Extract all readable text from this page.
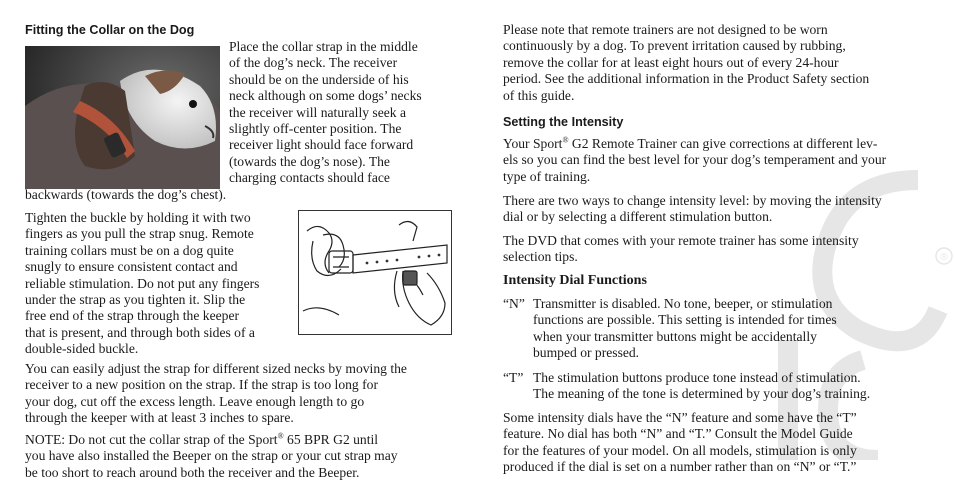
Fitting the Collar on the Dog
Place the collar strap in the middle
of the dog’s neck. The receiver
should be on the underside of his
neck although on some dogs’ necks
the receiver will naturally seek a
slightly off-center position. The
receiver light should face forward
(towards the dog’s nose). The
charging contacts should face
backwards (towards the dog’s chest).
Tighten the buckle by holding it with two
fingers as you pull the strap snug. Remote
training collars must be on a dog quite
snugly to ensure consistent contact and
reliable stimulation. Do not put any fingers
under the strap as you tighten it. Slip the
free end of the strap through the keeper
that is present, and through both sides of a
double-sided buckle.
You can easily adjust the strap for different sized necks by moving the
receiver to a new position on the strap. If the strap is too long for
your dog, cut off the excess length. Leave enough length to go
through the keeper with at least 3 inches to spare.
NOTE: Do not cut the collar strap of the Sport® 65 BPR G2 until
you have also installed the Beeper on the strap or your cut strap may
be too short to reach around both the receiver and the Beeper.
®
Please note that remote trainers are not designed to be worn
continuously by a dog. To prevent irritation caused by rubbing,
remove the collar for at least eight hours out of every 24-hour
period. See the additional information in the Product Safety section
of this guide.
Setting the Intensity
Your Sport® G2 Remote Trainer can give corrections at different lev-
els so you can find the best level for your dog’s temperament and your
type of training.
There are two ways to change intensity level: by moving the intensity
dial or by selecting a different stimulation button.
The DVD that comes with your remote trainer has some intensity
selection tips.
Intensity Dial Functions
“N” Transmitter is disabled. No tone, beeper, or stimulation
functions are possible. This setting is intended for times
when your transmitter buttons might be accidentally
bumped or pressed.
“T” The stimulation buttons produce tone instead of stimulation.
The meaning of the tone is determined by your dog’s training.
Some intensity dials have the “N” feature and some have the “T”
feature. No dial has both “N” and “T.” Consult the Model Guide
for the features of your model. On all models, stimulation is only
produced if the dial is set on a number rather than on “N” or “T.”
